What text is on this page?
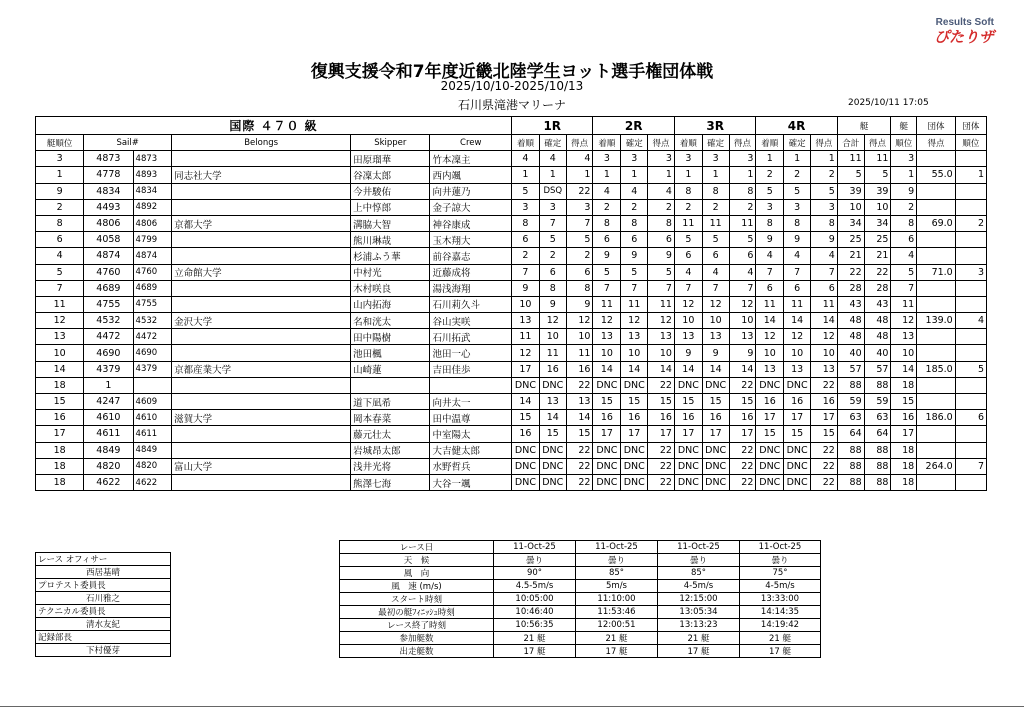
Results Soft
ぴたりザ
復興支援令和7年度近畿北陸学生ヨット選手権団体戦
2025/10/10-2025/10/13
石川県滝港マリーナ	2025/10/11 17:05
国際 ４７０ 級						1R			2R			3R			4R			艇		艇	団体	団体
艇順位	Sail#		Belongs	Skipper	Crew	着順	確定	得点	着順	確定	得点	着順	確定	得点	着順	確定	得点	合計	得点	順位	得点	順位
3	4873	4873		田原瑠華	竹本凜主	4	4	4	3	3	3	3	3	3	1	1	1	11	11	3		
1	4778	4893	同志社大学	谷凜太郎	西内颯	1	1	1	1	1	1	1	1	1	2	2	2	5	5	1	55.0	1
9	4834	4834		今井駿佑	向井蓮乃	5	DSQ	22	4	4	4	8	8	8	5	5	5	39	39	9		
2	4493	4892		上中惇郎	金子諒大	3	3	3	2	2	2	2	2	2	3	3	3	10	10	2		
8	4806	4806	京都大学	溝脇大智	神谷康成	8	7	7	8	8	8	11	11	11	8	8	8	34	34	8	69.0	2
6	4058	4799		熊川琳哉	玉木翔大	6	5	5	6	6	6	5	5	5	9	9	9	25	25	6		
4	4874	4874		杉浦ふう華	前谷嘉志	2	2	2	9	9	9	6	6	6	4	4	4	21	21	4		
5	4760	4760	立命館大学	中村光	近藤成将	7	6	6	5	5	5	4	4	4	7	7	7	22	22	5	71.0	3
7	4689	4689		木村咲良	湯浅海翔	9	8	8	7	7	7	7	7	7	6	6	6	28	28	7		
11	4755	4755		山内拓海	石川莉久斗	10	9	9	11	11	11	12	12	12	11	11	11	43	43	11		
12	4532	4532	金沢大学	名和洸太	谷山実咲	13	12	12	12	12	12	10	10	10	14	14	14	48	48	12	139.0	4
13	4472	4472		田中陽樹	石川拓武	11	10	10	13	13	13	13	13	13	12	12	12	48	48	13		
10	4690	4690		池田楓	池田一心	12	11	11	10	10	10	9	9	9	10	10	10	40	40	10		
14	4379	4379	京都産業大学	山崎蓮	吉田佳歩	17	16	16	14	14	14	14	14	14	13	13	13	57	57	14	185.0	5
18	1					DNC	DNC	22	DNC	DNC	22	DNC	DNC	22	DNC	DNC	22	88	88	18		
15	4247	4609		道下凪希	向井太一	14	13	13	15	15	15	15	15	15	16	16	16	59	59	15		
16	4610	4610	滋賀大学	岡本春菜	田中温尊	15	14	14	16	16	16	16	16	16	17	17	17	63	63	16	186.0	6
17	4611	4611		藤元壮太	中室陽太	16	15	15	17	17	17	17	17	17	15	15	15	64	64	17		
18	4849	4849		岩城昂太郎	大吉健太郎	DNC	DNC	22	DNC	DNC	22	DNC	DNC	22	DNC	DNC	22	88	88	18		
18	4820	4820	富山大学	浅井光将	水野哲兵	DNC	DNC	22	DNC	DNC	22	DNC	DNC	22	DNC	DNC	22	88	88	18	264.0	7
18	4622	4622		熊澤七海	大谷一颯	DNC	DNC	22	DNC	DNC	22	DNC	DNC	22	DNC	DNC	22	88	88	18		
レース オフィサー
西居基晴
プロテスト委員長
石川雅之
テクニカル委員長
清水友紀
記録部長
下村優芽
レース日	11-Oct-25	11-Oct-25	11-Oct-25	11-Oct-25
天　候	曇り	曇り	曇り	曇り
風　向	90°	85°	85°	75°
風　速 (m/s)	4.5-5m/s	5m/s	4-5m/s	4-5m/s
スタート時刻	10:05:00	11:10:00	12:15:00	13:33:00
最初の艇ﾌｨﾆｯｼｭ時刻	10:46:40	11:53:46	13:05:34	14:14:35
レース終了時刻	10:56:35	12:00:51	13:13:23	14:19:42
参加艇数	21 艇	21 艇	21 艇	21 艇
出走艇数	17 艇	17 艇	17 艇	17 艇
